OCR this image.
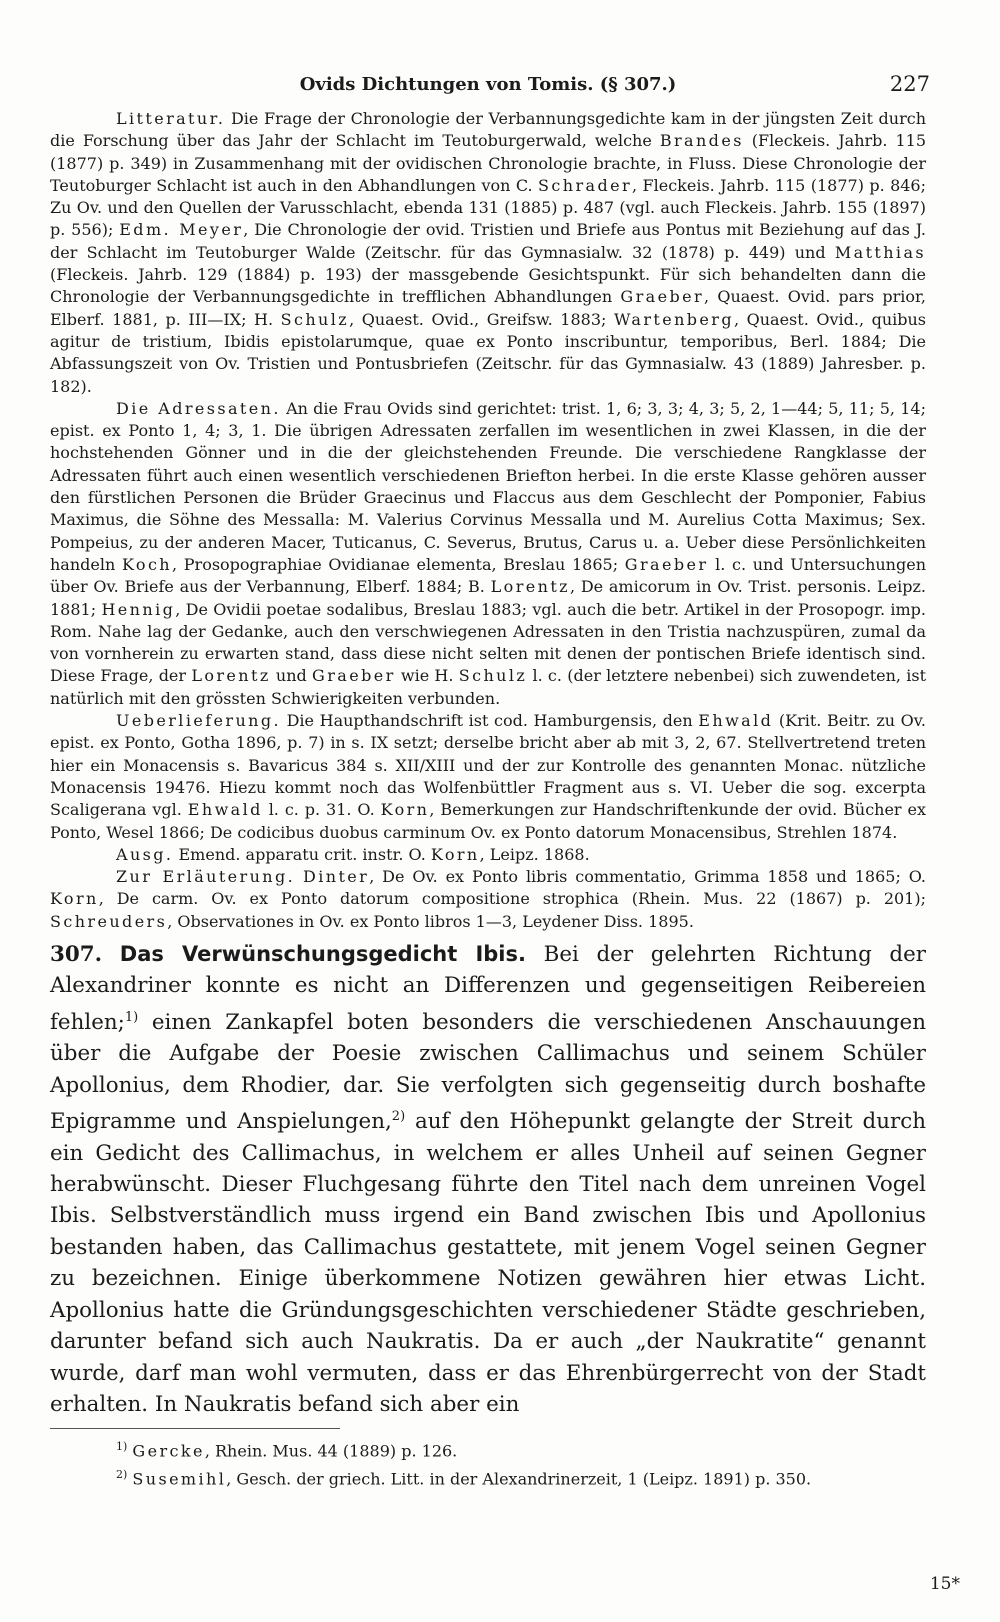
Ovids Dichtungen von Tomis. (§ 307.)	227

Litteratur. Die Frage der Chronologie der Verbannungsgedichte kam in der jüngsten Zeit durch die Forschung über das Jahr der Schlacht im Teutoburgerwald, welche Brandes (Fleckeis. Jahrb. 115 (1877) p. 349) in Zusammenhang mit der ovidischen Chronologie brachte, in Fluss. Diese Chronologie der Teutoburger Schlacht ist auch in den Abhandlungen von C. Schrader, Fleckeis. Jahrb. 115 (1877) p. 846; Zu Ov. und den Quellen der Varusschlacht, ebenda 131 (1885) p. 487 (vgl. auch Fleckeis. Jahrb. 155 (1897) p. 556); Edm. Meyer, Die Chronologie der ovid. Tristien und Briefe aus Pontus mit Beziehung auf das J. der Schlacht im Teutoburger Walde (Zeitschr. für das Gymnasialw. 32 (1878) p. 449) und Matthias (Fleckeis. Jahrb. 129 (1884) p. 193) der massgebende Gesichtspunkt. Für sich behandelten dann die Chronologie der Verbannungsgedichte in trefflichen Abhandlungen Graeber, Quaest. Ovid. pars prior, Elberf. 1881, p. III—IX; H. Schulz, Quaest. Ovid., Greifsw. 1883; Wartenberg, Quaest. Ovid., quibus agitur de tristium, Ibidis epistolarumque, quae ex Ponto inscribuntur, temporibus, Berl. 1884; Die Abfassungszeit von Ov. Tristien und Pontusbriefen (Zeitschr. für das Gymnasialw. 43 (1889) Jahresber. p. 182).

Die Adressaten. An die Frau Ovids sind gerichtet: trist. 1, 6; 3, 3; 4, 3; 5, 2, 1—44; 5, 11; 5, 14; epist. ex Ponto 1, 4; 3, 1. Die übrigen Adressaten zerfallen im wesentlichen in zwei Klassen, in die der hochstehenden Gönner und in die der gleichstehenden Freunde. Die verschiedene Rangklasse der Adressaten führt auch einen wesentlich verschiedenen Briefton herbei. In die erste Klasse gehören ausser den fürstlichen Personen die Brüder Graecinus und Flaccus aus dem Geschlecht der Pomponier, Fabius Maximus, die Söhne des Messalla: M. Valerius Corvinus Messalla und M. Aurelius Cotta Maximus; Sex. Pompeius, zu der anderen Macer, Tuticanus, C. Severus, Brutus, Carus u. a. Ueber diese Persönlichkeiten handeln Koch, Prosopographiae Ovidianae elementa, Breslau 1865; Graeber l. c. und Untersuchungen über Ov. Briefe aus der Verbannung, Elberf. 1884; B. Lorentz, De amicorum in Ov. Trist. personis. Leipz. 1881; Hennig, De Ovidii poetae sodalibus, Breslau 1883; vgl. auch die betr. Artikel in der Prosopogr. imp. Rom. Nahe lag der Gedanke, auch den verschwiegenen Adressaten in den Tristia nachzuspüren, zumal da von vornherein zu erwarten stand, dass diese nicht selten mit denen der pontischen Briefe identisch sind. Diese Frage, der Lorentz und Graeber wie H. Schulz l. c. (der letztere nebenbei) sich zuwendeten, ist natürlich mit den grössten Schwierigkeiten verbunden.

Ueberlieferung. Die Haupthandschrift ist cod. Hamburgensis, den Ehwald (Krit. Beitr. zu Ov. epist. ex Ponto, Gotha 1896, p. 7) in s. IX setzt; derselbe bricht aber ab mit 3, 2, 67. Stellvertretend treten hier ein Monacensis s. Bavaricus 384 s. XII/XIII und der zur Kontrolle des genannten Monac. nützliche Monacensis 19476. Hiezu kommt noch das Wolfenbüttler Fragment aus s. VI. Ueber die sog. excerpta Scaligerana vgl. Ehwald l. c. p. 31. O. Korn, Bemerkungen zur Handschriftenkunde der ovid. Bücher ex Ponto, Wesel 1866; De codicibus duobus carminum Ov. ex Ponto datorum Monacensibus, Strehlen 1874.

Ausg. Emend. apparatu crit. instr. O. Korn, Leipz. 1868.

Zur Erläuterung. Dinter, De Ov. ex Ponto libris commentatio, Grimma 1858 und 1865; O. Korn, De carm. Ov. ex Ponto datorum compositione strophica (Rhein. Mus. 22 (1867) p. 201); Schreuders, Observationes in Ov. ex Ponto libros 1—3, Leydener Diss. 1895.

307. Das Verwünschungsgedicht Ibis. Bei der gelehrten Richtung der Alexandriner konnte es nicht an Differenzen und gegenseitigen Reibereien fehlen;$^{1)}$ einen Zankapfel boten besonders die verschiedenen Anschauungen über die Aufgabe der Poesie zwischen Callimachus und seinem Schüler Apollonius, dem Rhodier, dar. Sie verfolgten sich gegenseitig durch boshafte Epigramme und Anspielungen,$^{2)}$ auf den Höhepunkt gelangte der Streit durch ein Gedicht des Callimachus, in welchem er alles Unheil auf seinen Gegner herabwünscht. Dieser Fluchgesang führte den Titel nach dem unreinen Vogel Ibis. Selbstverständlich muss irgend ein Band zwischen Ibis und Apollonius bestanden haben, das Callimachus gestattete, mit jenem Vogel seinen Gegner zu bezeichnen. Einige überkommene Notizen gewähren hier etwas Licht. Apollonius hatte die Gründungsgeschichten verschiedener Städte geschrieben, darunter befand sich auch Naukratis. Da er auch „der Naukratite“ genannt wurde, darf man wohl vermuten, dass er das Ehrenbürgerrecht von der Stadt erhalten. In Naukratis befand sich aber ein
$^{1)}$ Gercke, Rhein. Mus. 44 (1889) p. 126.
$^{2)}$ Susemihl, Gesch. der griech. Litt. in der Alexandrinerzeit, 1 (Leipz. 1891) p. 350.
15*
